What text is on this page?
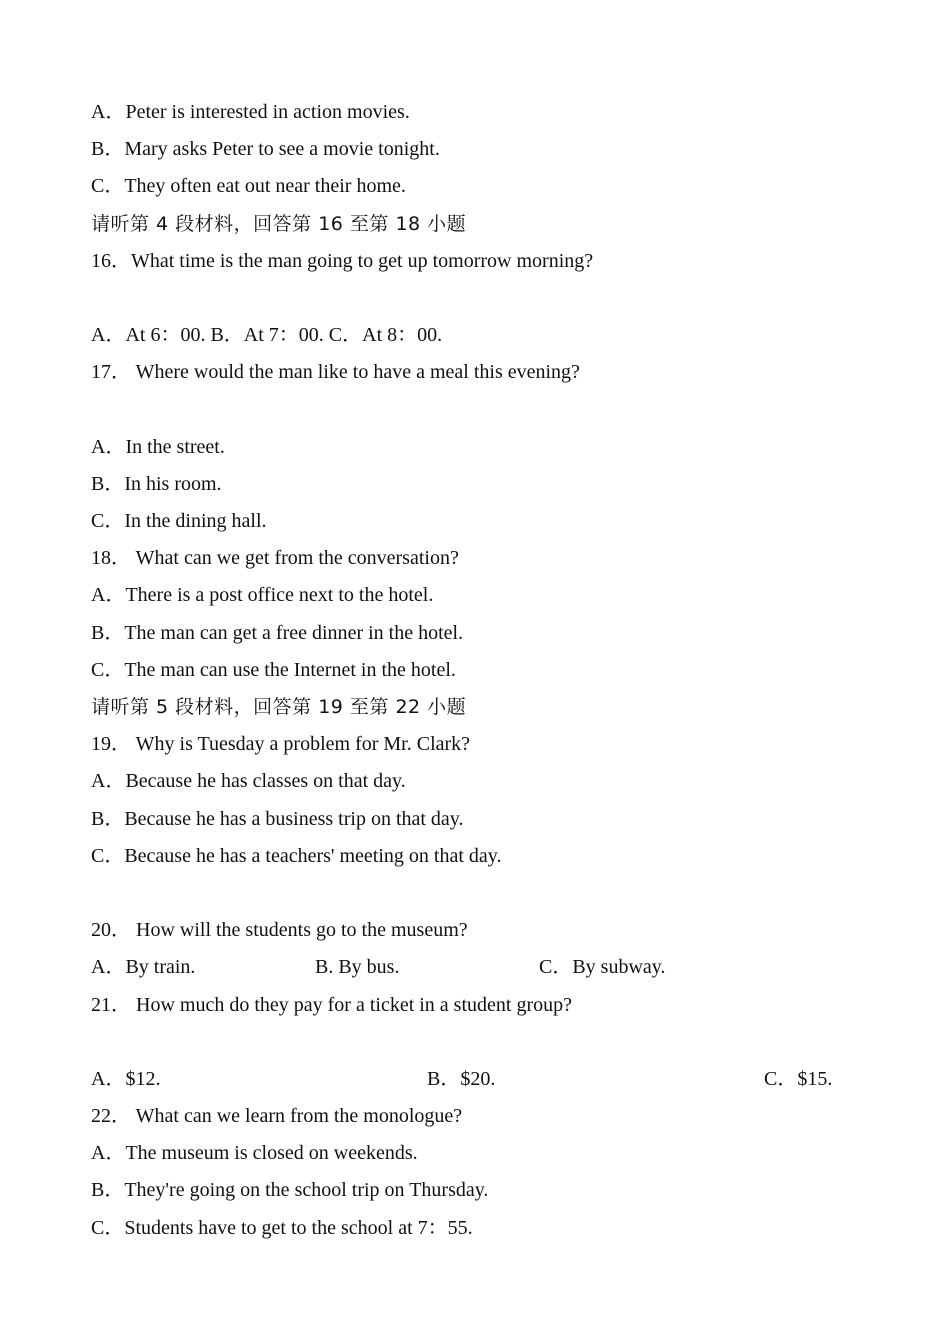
A．Peter is interested in action movies.
B．Mary asks Peter to see a movie tonight.
C．They often eat out near their home.
请听第 4 段材料，回答第 16 至第 18 小题
16．What time is the man going to get up tomorrow morning?
A．At 6：00. B．At 7：00. C．At 8：00.
17． Where would the man like to have a meal this evening?
A．In the street.
B．In his room.
C．In the dining hall.
18． What can we get from the conversation?
A．There is a post office next to the hotel.
B．The man can get a free dinner in the hotel.
C．The man can use the Internet in the hotel.
请听第 5 段材料，回答第 19 至第 22 小题
19． Why is Tuesday a problem for Mr. Clark?
A．Because he has classes on that day.
B．Because he has a business trip on that day.
C．Because he has a teachers' meeting on that day.
20． How will the students go to the museum?
A．By train.	B. By bus.	C．By subway.
21． How much do they pay for a ticket in a student group?
A．$12.	B．$20.	C．$15.
22． What can we learn from the monologue?
A．The museum is closed on weekends.
B．They're going on the school trip on Thursday.
C．Students have to get to the school at 7：55.
